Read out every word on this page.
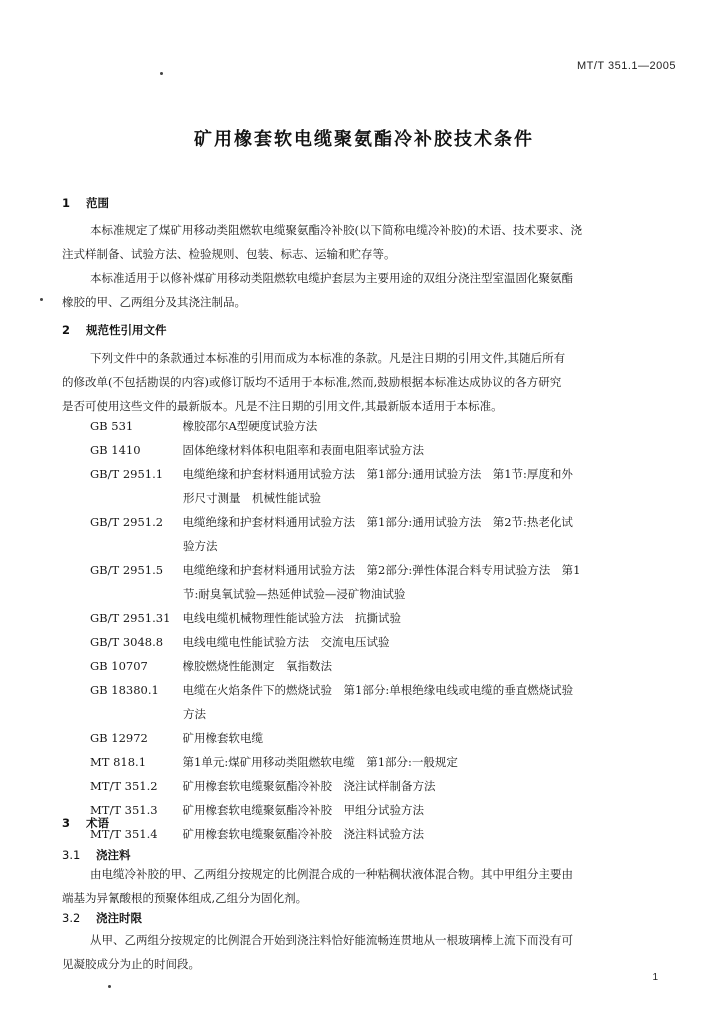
MT/T 351.1—2005
矿用橡套软电缆聚氨酯冷补胶技术条件
1 范围
本标准规定了煤矿用移动类阻燃软电缆聚氨酯冷补胶(以下简称电缆冷补胶)的术语、技术要求、浇
注式样制备、试验方法、检验规则、包装、标志、运输和贮存等。
本标准适用于以修补煤矿用移动类阻燃软电缆护套层为主要用途的双组分浇注型室温固化聚氨酯
橡胶的甲、乙两组分及其浇注制品。
2 规范性引用文件
下列文件中的条款通过本标准的引用而成为本标准的条款。凡是注日期的引用文件,其随后所有
的修改单(不包括勘误的内容)或修订版均不适用于本标准,然而,鼓励根据本标准达成协议的各方研究
是否可使用这些文件的最新版本。凡是不注日期的引用文件,其最新版本适用于本标准。
GB 531　	橡胶邵尔A型硬度试验方法
GB 1410　	固体绝缘材料体积电阻率和表面电阻率试验方法
GB/T 2951.1　 电缆绝缘和护套材料通用试验方法　第1部分:通用试验方法　第1节:厚度和外
形尺寸测量　机械性能试验
GB/T 2951.2　 电缆绝缘和护套材料通用试验方法　第1部分:通用试验方法　第2节:热老化试
验方法
GB/T 2951.5　 电缆绝缘和护套材料通用试验方法　第2部分:弹性体混合料专用试验方法　第1
节:耐臭氧试验—热延伸试验—浸矿物油试验
GB/T 2951.31　 电线电缆机械物理性能试验方法　抗撕试验
GB/T 3048.8　 电线电缆电性能试验方法　交流电压试验
GB 10707　	橡胶燃烧性能测定　氧指数法
GB 18380.1　 电缆在火焰条件下的燃烧试验　第1部分:单根绝缘电线或电缆的垂直燃烧试验
方法
GB 12972　	矿用橡套软电缆
MT 818.1　	第1单元:煤矿用移动类阻燃软电缆　第1部分:一般规定
MT/T 351.2　 矿用橡套软电缆聚氨酯冷补胶　浇注试样制备方法
MT/T 351.3　 矿用橡套软电缆聚氨酯冷补胶　甲组分试验方法
MT/T 351.4　 矿用橡套软电缆聚氨酯冷补胶　浇注料试验方法
3 术语
3.1 浇注料
由电缆冷补胶的甲、乙两组分按规定的比例混合成的一种粘稠状液体混合物。其中甲组分主要由
端基为异氰酸根的预聚体组成,乙组分为固化剂。
3.2 浇注时限
从甲、乙两组分按规定的比例混合开始到浇注料恰好能流畅连贯地从一根玻璃棒上流下而没有可
见凝胶成分为止的时间段。
1
